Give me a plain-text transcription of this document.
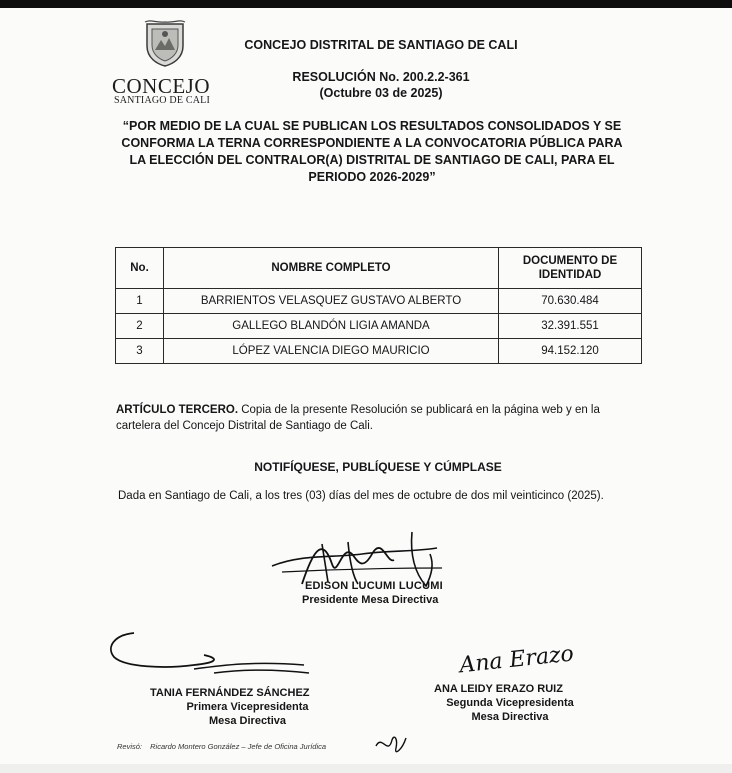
CONCEJO
SANTIAGO DE CALI
CONCEJO DISTRITAL DE SANTIAGO DE CALI
RESOLUCIÓN No. 200.2.2-361
(Octubre 03 de 2025)
“POR MEDIO DE LA CUAL SE PUBLICAN LOS RESULTADOS CONSOLIDADOS Y SE CONFORMA LA TERNA CORRESPONDIENTE A LA CONVOCATORIA PÚBLICA PARA LA ELECCIÓN DEL CONTRALOR(A) DISTRITAL DE SANTIAGO DE CALI, PARA EL PERIODO 2026-2029”
No.	NOMBRE COMPLETO	DOCUMENTO DE IDENTIDAD
1	BARRIENTOS VELASQUEZ GUSTAVO ALBERTO	70.630.484
2	GALLEGO BLANDÓN LIGIA AMANDA	32.391.551
3	LÓPEZ VALENCIA DIEGO MAURICIO	94.152.120
ARTÍCULO TERCERO. Copia de la presente Resolución se publicará en la página web y en la cartelera del Concejo Distrital de Santiago de Cali.
NOTIFÍQUESE, PUBLÍQUESE Y CÚMPLASE
Dada en Santiago de Cali, a los tres (03) días del mes de octubre de dos mil veinticinco (2025).
EDISON LUCUMI LUCUMI
Presidente Mesa Directiva
TANIA FERNÁNDEZ SÁNCHEZ
Primera Vicepresidenta
Mesa Directiva
Ana Erazo
ANA LEIDY ERAZO RUIZ
Segunda Vicepresidenta
Mesa Directiva
Revisó: Ricardo Montero González – Jefe de Oficina Jurídica
